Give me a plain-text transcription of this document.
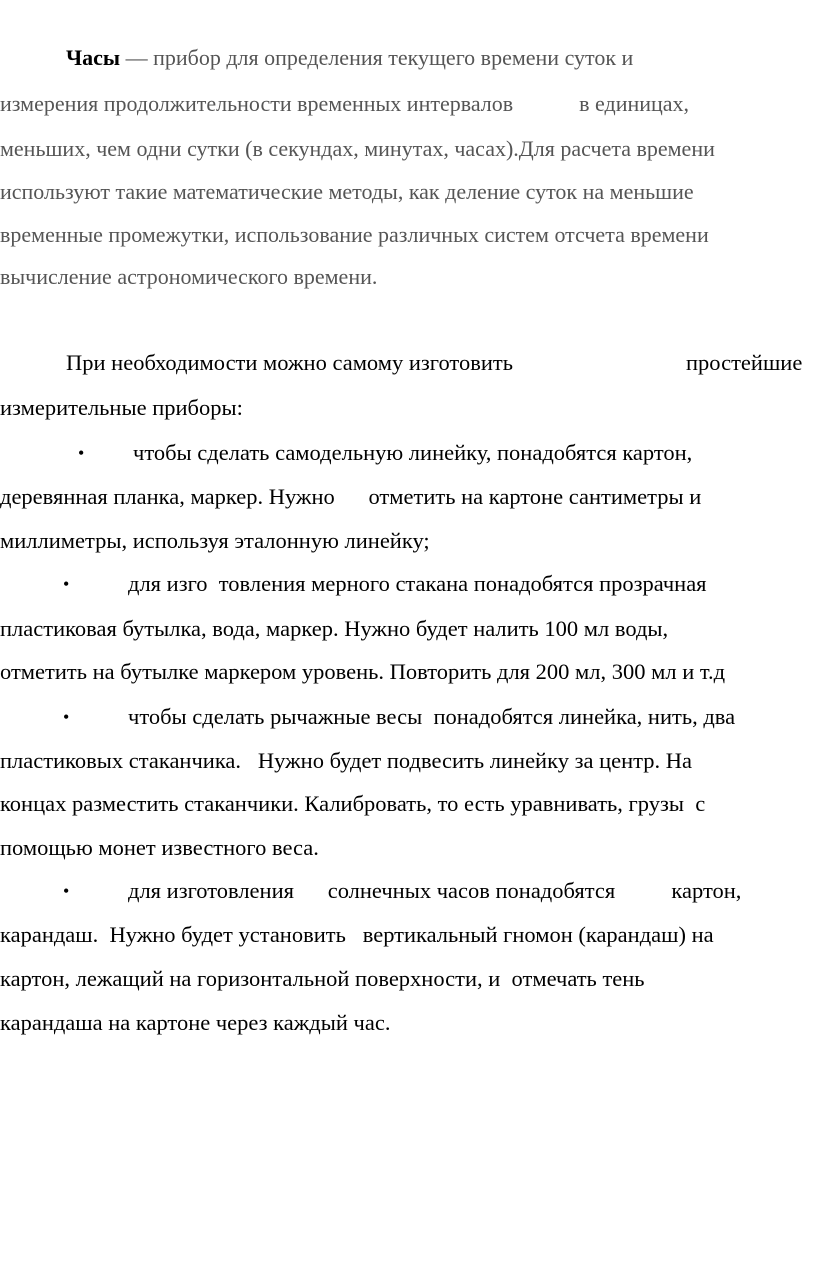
Часы — прибор для определения текущего времени суток и
измерения продолжительности временных интервалов            в единицах,
меньших, чем одни сутки (в секундах, минутах, часах).Для расчета времени
используют такие математические методы, как деление суток на меньшие
временные промежутки, использование различных систем отсчета времени
вычисление астрономического времени.
При необходимости можно самому изготовить	простейшие
измерительные приборы:
• чтобы сделать самодельную линейку, понадобятся картон,
деревянная планка, маркер. Нужно      отметить на картоне сантиметры и
миллиметры, используя эталонную линейку;
•	для изго  товления мерного стакана понадобятся прозрачная
пластиковая бутылка, вода, маркер. Нужно будет налить 100 мл воды,
отметить на бутылке маркером уровень. Повторить для 200 мл, 300 мл и т.д
•	чтобы сделать рычажные весы  понадобятся линейка, нить, два
пластиковых стаканчика.   Нужно будет подвесить линейку за центр. На
концах разместить стаканчики. Калибровать, то есть уравнивать, грузы  с
помощью монет известного веса.
•	для изготовления      солнечных часов понадобятся          картон,
карандаш.  Нужно будет установить   вертикальный гномон (карандаш) на
картон, лежащий на горизонтальной поверхности, и  отмечать тень
карандаша на картоне через каждый час.
